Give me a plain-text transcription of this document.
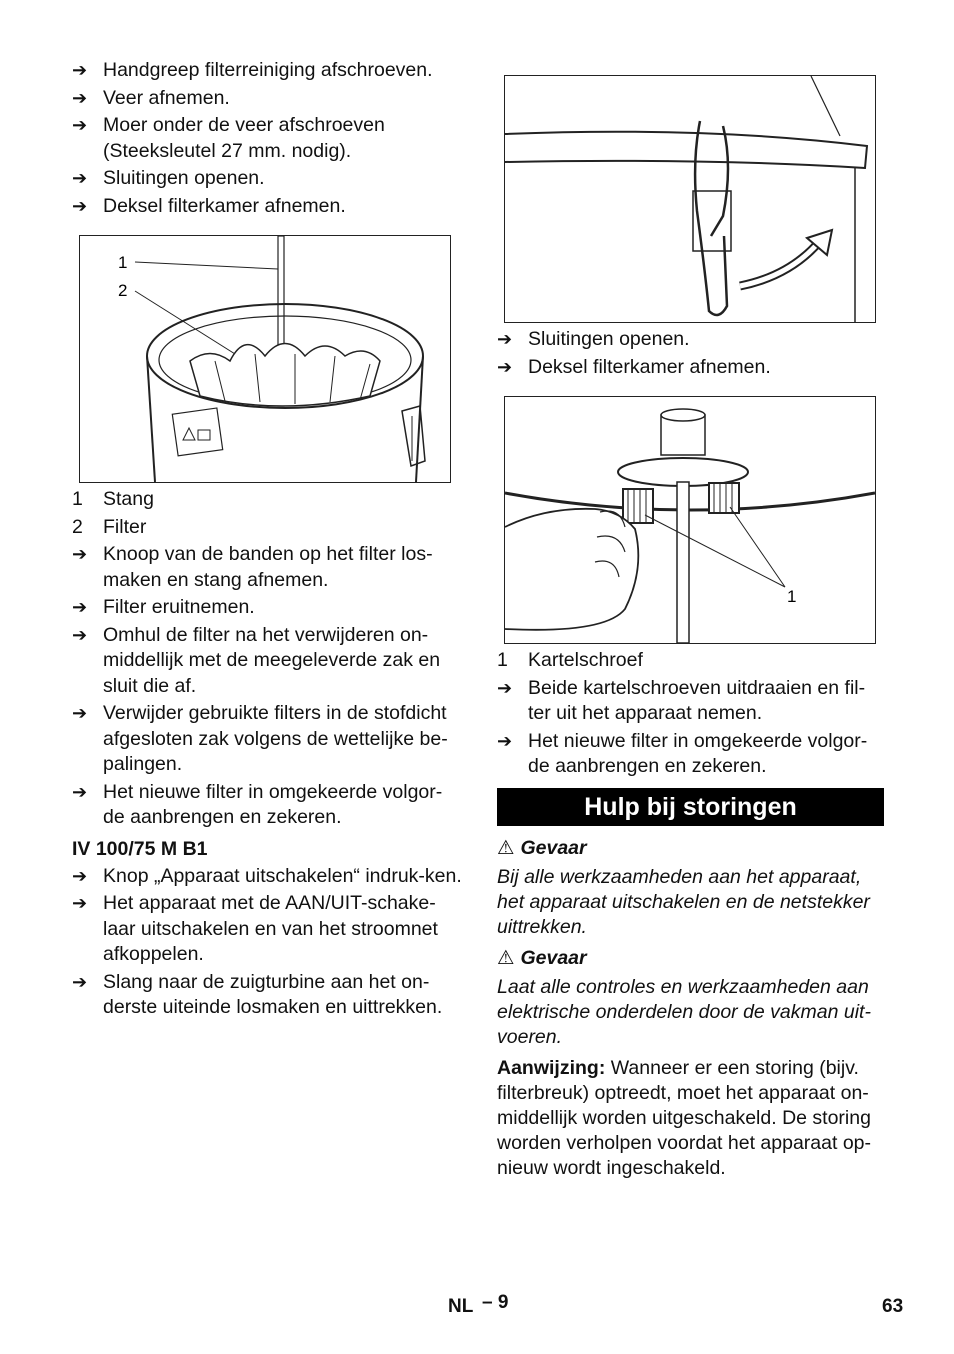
➔ Handgreep filterreiniging afschroeven.
➔ Veer afnemen.
➔ Moer onder de veer afschroeven (Steeksleutel 27 mm. nodig).
➔ Sluitingen openen.
➔ Deksel filterkamer afnemen.
1
2
1 Stang
2 Filter
➔ Knoop van de banden op het filter los-maken en stang afnemen.
➔ Filter eruitnemen.
➔ Omhul de filter na het verwijderen on-middellijk met de meegeleverde zak en sluit die af.
➔ Verwijder gebruikte filters in de stofdicht afgesloten zak volgens de wettelijke be-palingen.
➔ Het nieuwe filter in omgekeerde volgor-de aanbrengen en zekeren.
IV 100/75 M B1
➔ Knop „Apparaat uitschakelen“ indruk-ken.
➔ Het apparaat met de AAN/UIT-schake-laar uitschakelen en van het stroomnet afkoppelen.
➔ Slang naar de zuigturbine aan het on-derste uiteinde losmaken en uittrekken.
➔ Sluitingen openen.
➔ Deksel filterkamer afnemen.
1
1 Kartelschroef
➔ Beide kartelschroeven uitdraaien en fil-ter uit het apparaat nemen.
➔ Het nieuwe filter in omgekeerde volgor-de aanbrengen en zekeren.
Hulp bij storingen
⚠ Gevaar
Bij alle werkzaamheden aan het apparaat, het apparaat uitschakelen en de netstekker uittrekken.
⚠ Gevaar
Laat alle controles en werkzaamheden aan elektrische onderdelen door de vakman uit-voeren.
Aanwijzing: Wanneer er een storing (bijv. filterbreuk) optreedt, moet het apparaat on-middellijk worden uitgeschakeld. De storing worden verholpen voordat het apparaat op-nieuw wordt ingeschakeld.
NL – 9	63
